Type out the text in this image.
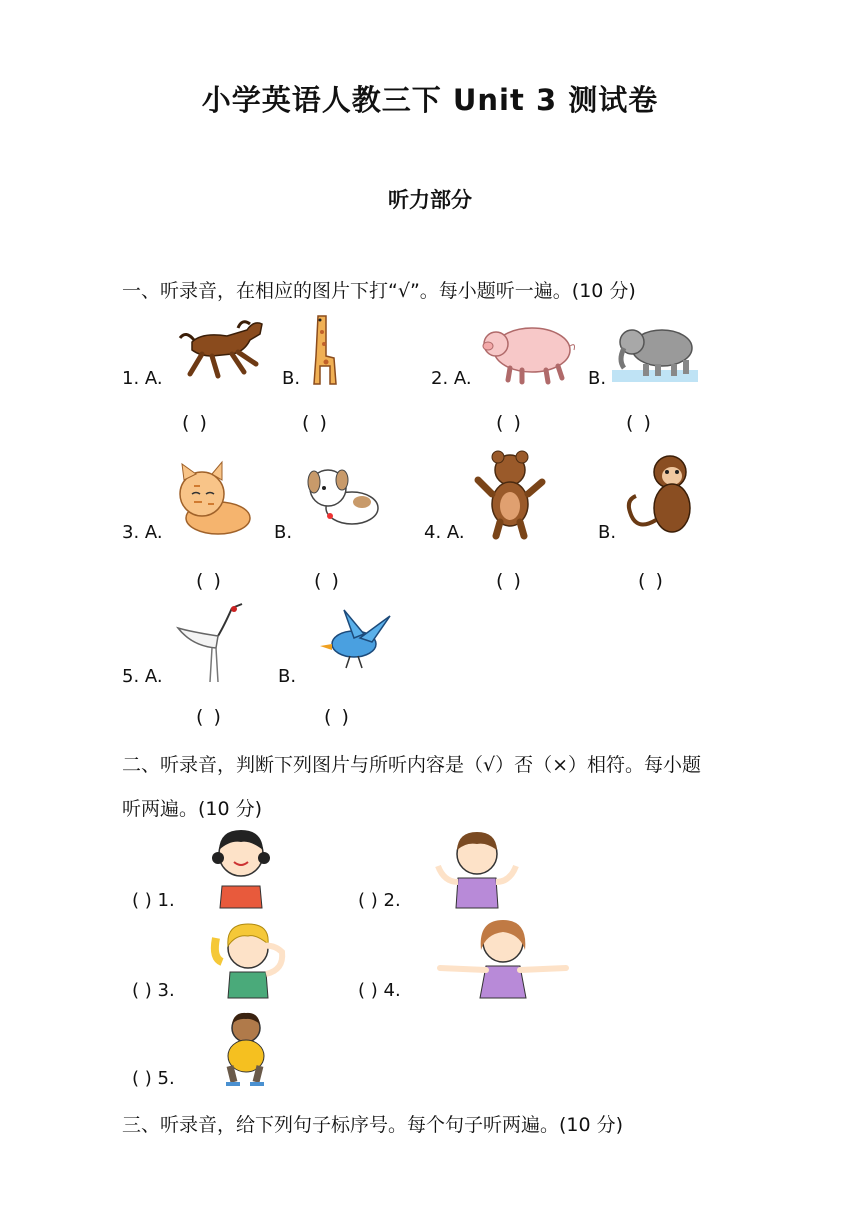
小学英语人教三下 Unit 3 测试卷
听力部分
一、听录音，在相应的图片下打“√”。每小题听一遍。(10 分)
1. A.	B.
( )	( )
2. A.	B.
( )	( )
3. A.	B.
( )	( )
4. A.	B.
( )	( )
5. A.	B.
( )	( )
二、听录音，判断下列图片与所听内容是（√）否（×）相符。每小题
听两遍。(10 分)
( ) 1.	( ) 2.
( ) 3.	( ) 4.
( ) 5.
三、听录音，给下列句子标序号。每个句子听两遍。(10 分)
